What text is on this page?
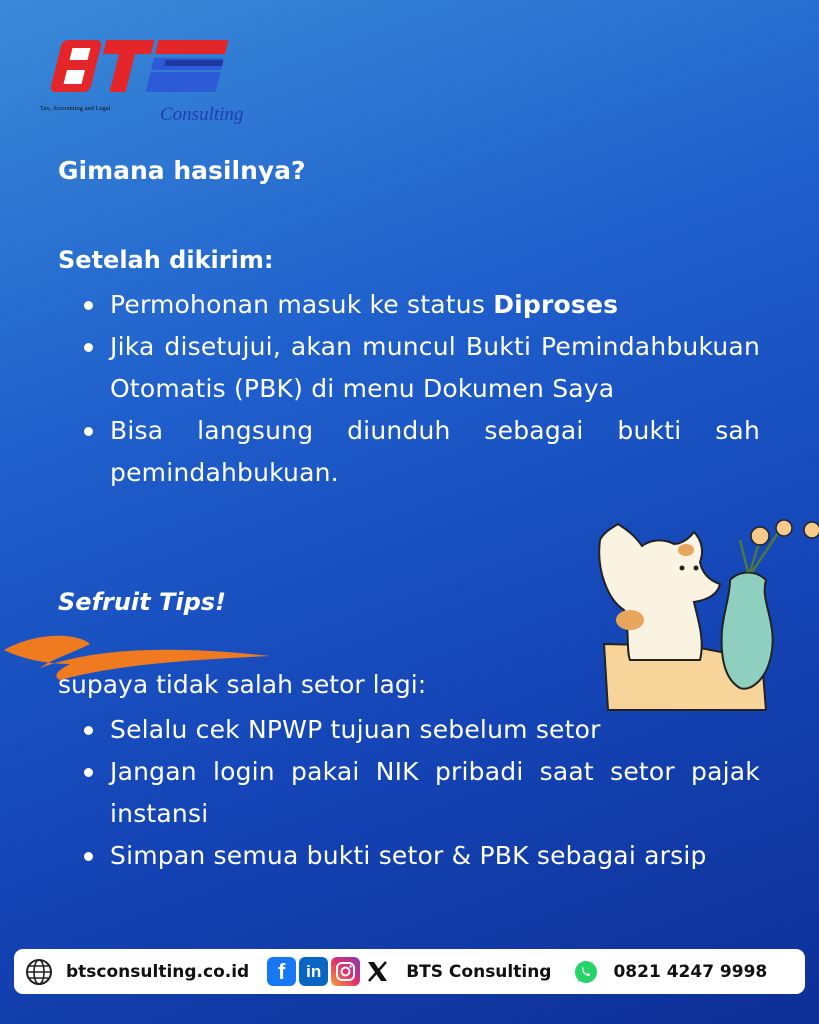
Tax, Accounting and Legal	Consulting
Gimana hasilnya?
Setelah dikirim:
Permohonan masuk ke status Diproses
Jika disetujui, akan muncul Bukti Pemindahbukuan Otomatis (PBK) di menu Dokumen Saya
Bisa langsung diunduh sebagai bukti sah pemindahbukuan.
Sefruit Tips!
supaya tidak salah setor lagi:
Selalu cek NPWP tujuan sebelum setor
Jangan login pakai NIK pribadi saat setor pajak instansi
Simpan semua bukti setor & PBK sebagai arsip
btsconsulting.co.id	f	in	BTS Consulting	0821 4247 9998
